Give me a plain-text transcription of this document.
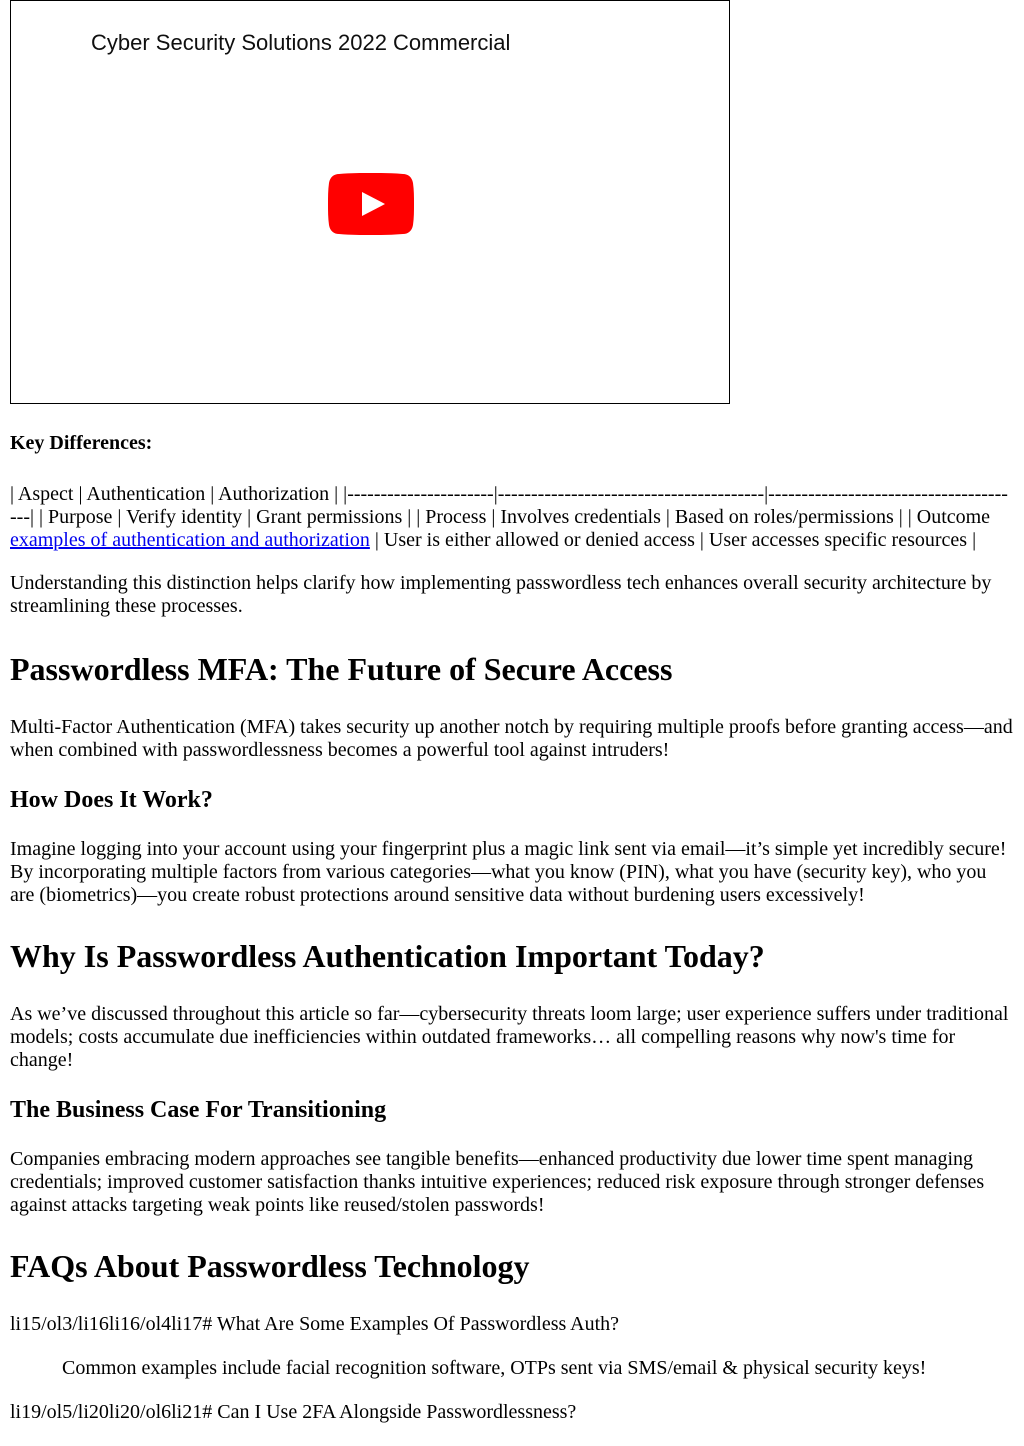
Cyber Security Solutions 2022 Commercial

Key Differences:

| Aspect | Authentication | Authorization | |----------------------|----------------------------------------|---------------------------------------| | Purpose | Verify identity | Grant permissions | | Process | Involves credentials | Based on roles/permissions | | Outcome examples of authentication and authorization | User is either allowed or denied access | User accesses specific resources |

Understanding this distinction helps clarify how implementing passwordless tech enhances overall security architecture by streamlining these processes.

Passwordless MFA: The Future of Secure Access

Multi-Factor Authentication (MFA) takes security up another notch by requiring multiple proofs before granting access—and when combined with passwordlessness becomes a powerful tool against intruders!

How Does It Work?

Imagine logging into your account using your fingerprint plus a magic link sent via email—it’s simple yet incredibly secure! By incorporating multiple factors from various categories—what you know (PIN), what you have (security key), who you are (biometrics)—you create robust protections around sensitive data without burdening users excessively!

Why Is Passwordless Authentication Important Today?

As we’ve discussed throughout this article so far—cybersecurity threats loom large; user experience suffers under traditional models; costs accumulate due inefficiencies within outdated frameworks… all compelling reasons why now's time for change!

The Business Case For Transitioning

Companies embracing modern approaches see tangible benefits—enhanced productivity due lower time spent managing credentials; improved customer satisfaction thanks intuitive experiences; reduced risk exposure through stronger defenses against attacks targeting weak points like reused/stolen passwords!

FAQs About Passwordless Technology

li15/ol3/li16li16/ol4li17# What Are Some Examples Of Passwordless Auth?

Common examples include facial recognition software, OTPs sent via SMS/email & physical security keys!

li19/ol5/li20li20/ol6li21# Can I Use 2FA Alongside Passwordlessness?
